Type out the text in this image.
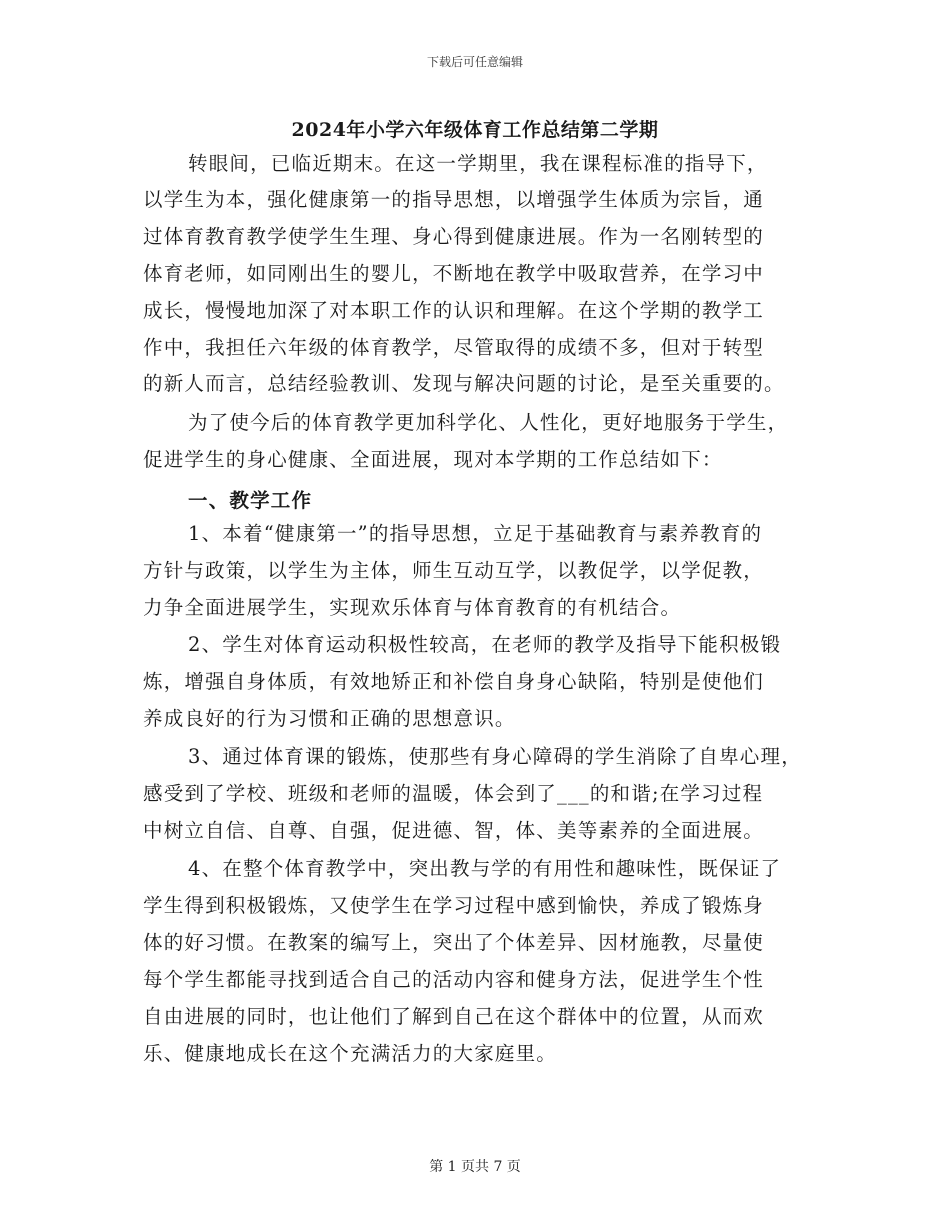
下载后可任意编辑
2024年小学六年级体育工作总结第二学期
转眼间，已临近期末。在这一学期里，我在课程标准的指导下，
以学生为本，强化健康第一的指导思想，以增强学生体质为宗旨，通
过体育教育教学使学生生理、身心得到健康进展。作为一名刚转型的
体育老师，如同刚出生的婴儿，不断地在教学中吸取营养，在学习中
成长，慢慢地加深了对本职工作的认识和理解。在这个学期的教学工
作中，我担任六年级的体育教学，尽管取得的成绩不多，但对于转型
的新人而言，总结经验教训、发现与解决问题的讨论，是至关重要的。
为了使今后的体育教学更加科学化、人性化，更好地服务于学生，
促进学生的身心健康、全面进展，现对本学期的工作总结如下：
一、教学工作
1、本着“健康第一”的指导思想，立足于基础教育与素养教育的
方针与政策，以学生为主体，师生互动互学，以教促学，以学促教，
力争全面进展学生，实现欢乐体育与体育教育的有机结合。
2、学生对体育运动积极性较高，在老师的教学及指导下能积极锻
炼，增强自身体质，有效地矫正和补偿自身身心缺陷，特别是使他们
养成良好的行为习惯和正确的思想意识。
3、通过体育课的锻炼，使那些有身心障碍的学生消除了自卑心理，
感受到了学校、班级和老师的温暖，体会到了___的和谐;在学习过程
中树立自信、自尊、自强，促进德、智，体、美等素养的全面进展。
4、在整个体育教学中，突出教与学的有用性和趣味性，既保证了
学生得到积极锻炼，又使学生在学习过程中感到愉快，养成了锻炼身
体的好习惯。在教案的编写上，突出了个体差异、因材施教，尽量使
每个学生都能寻找到适合自己的活动内容和健身方法，促进学生个性
自由进展的同时，也让他们了解到自己在这个群体中的位置，从而欢
乐、健康地成长在这个充满活力的大家庭里。
第 1 页共 7 页
